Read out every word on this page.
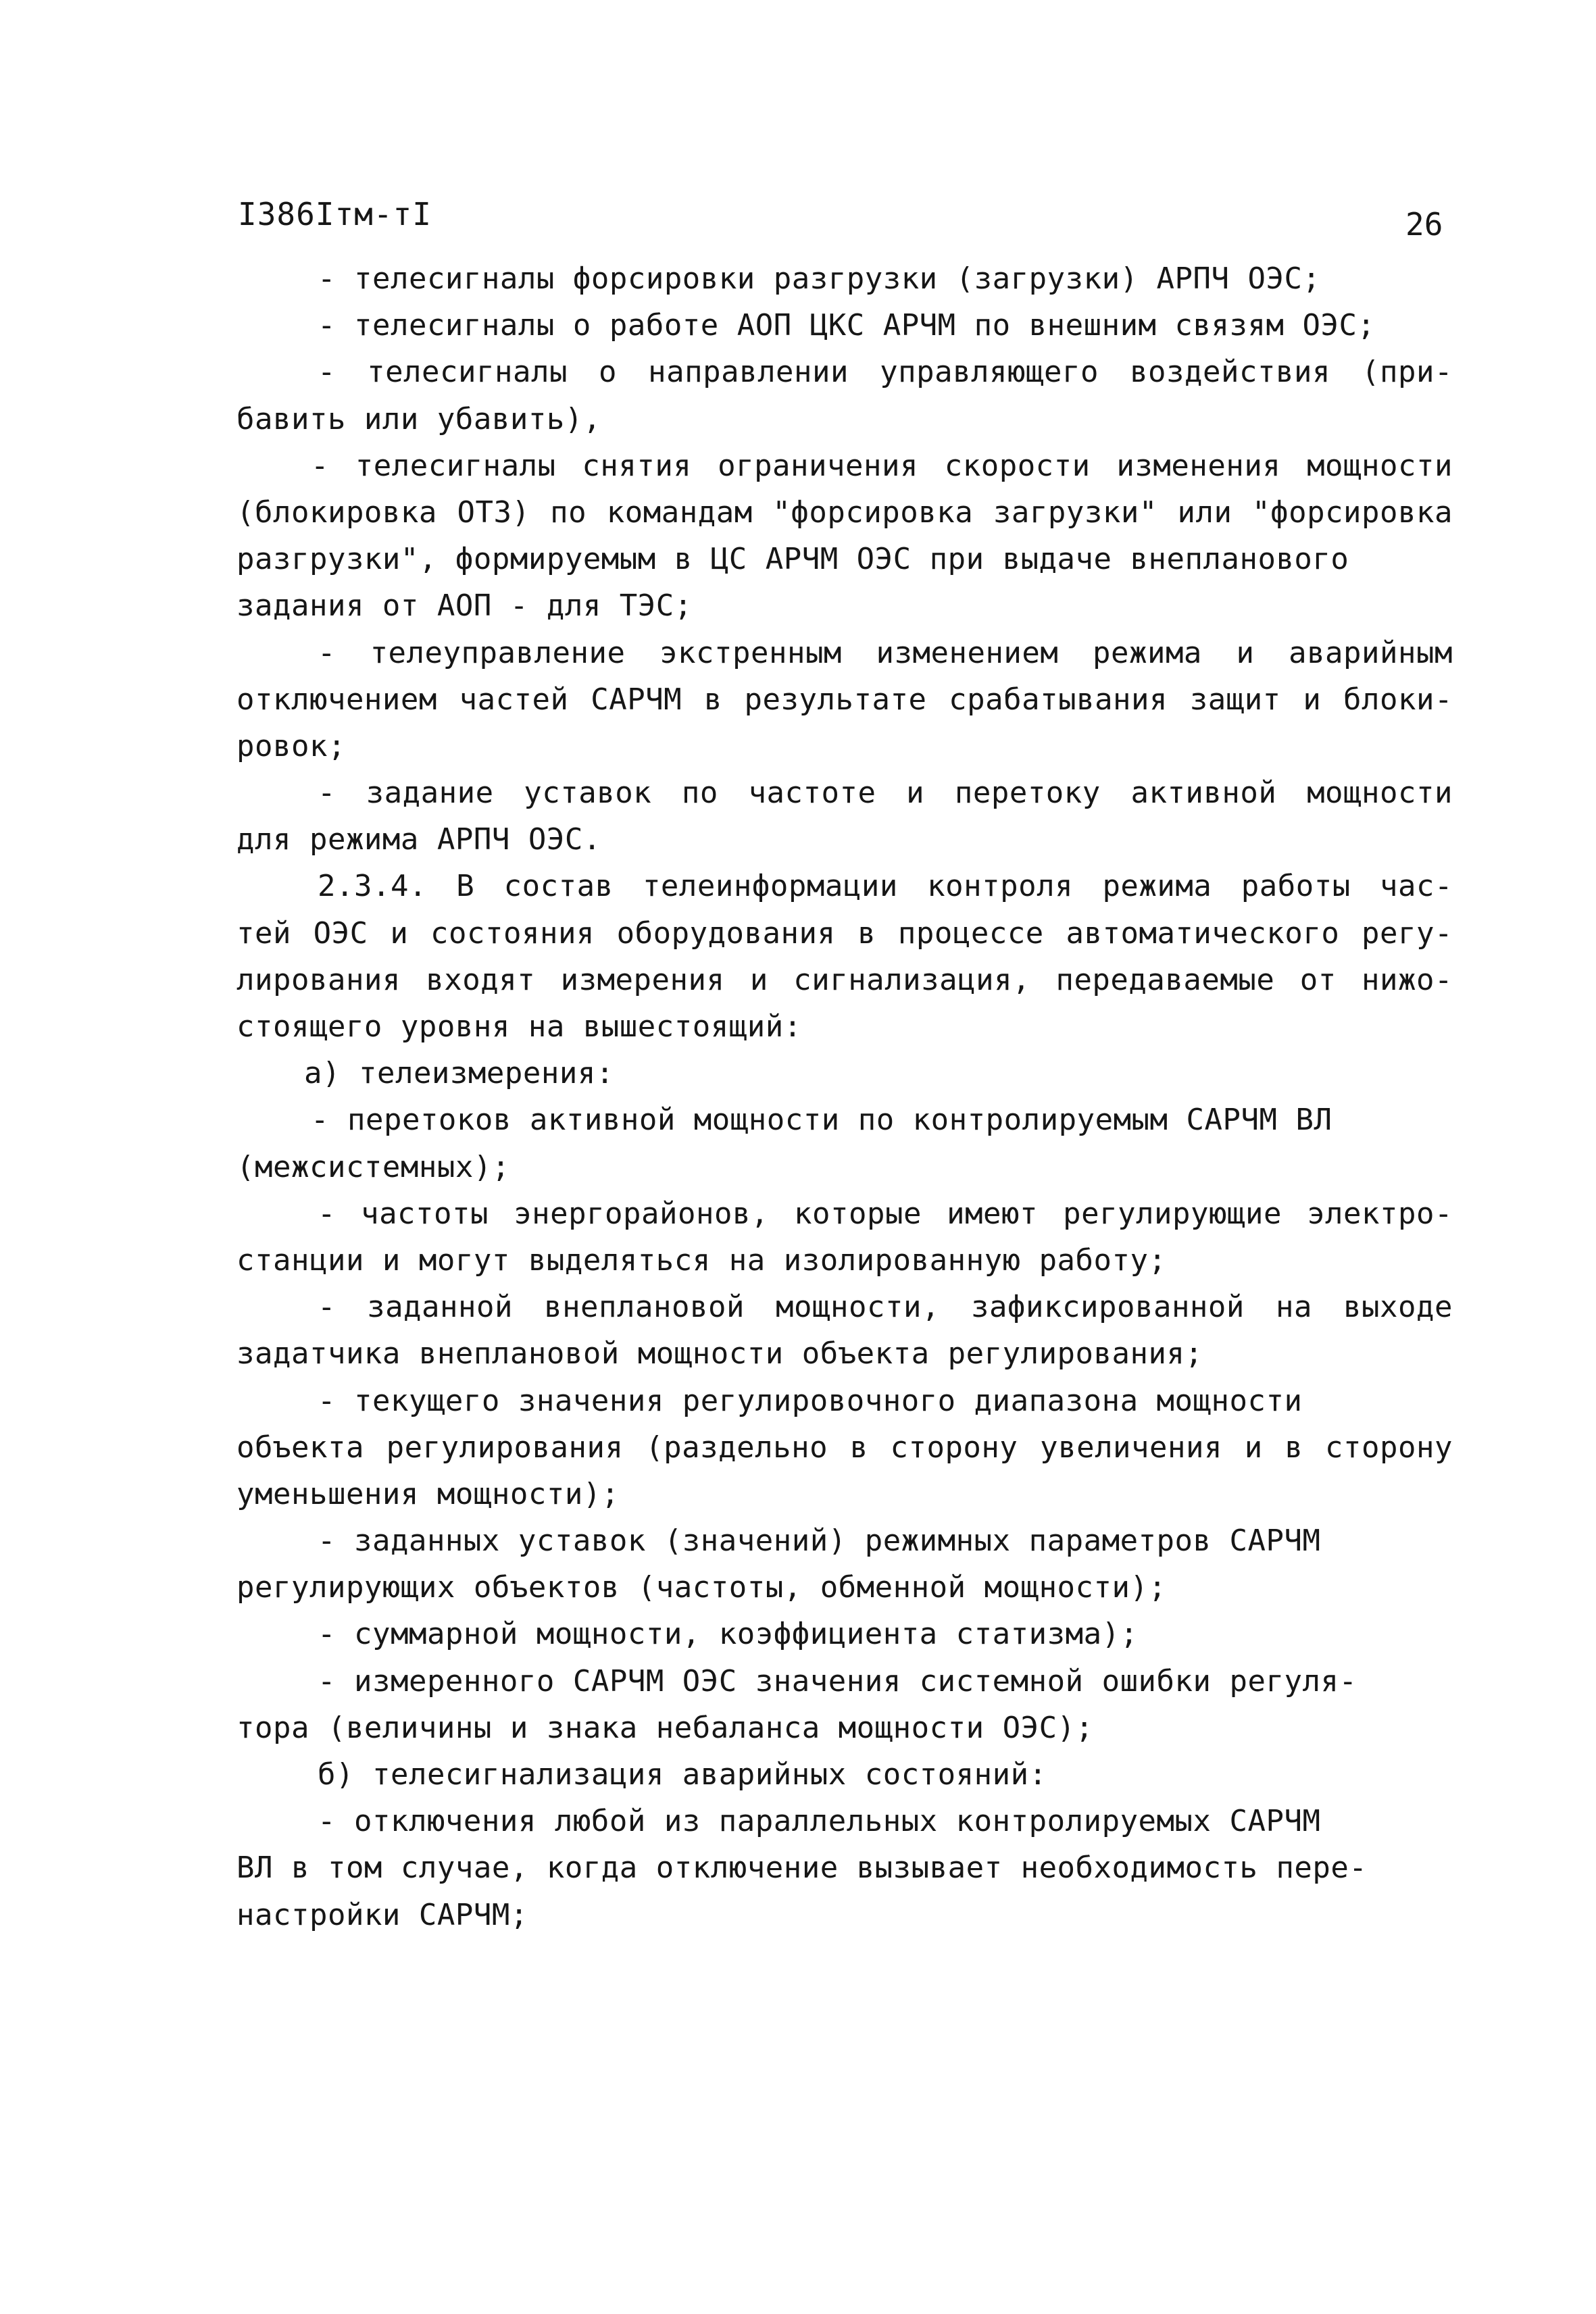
I386Iтм-тI	26
- телесигналы форсировки разгрузки (загрузки) АРПЧ ОЭС;
- телесигналы о работе АОП ЦКС АРЧМ по внешним связям ОЭС;
- телесигналы о направлении управляющего воздействия (при-
бавить или убавить),
- телесигналы снятия ограничения скорости изменения мощности
(блокировка ОТЗ) по командам "форсировка загрузки" или "форсировка
разгрузки", формируемым в ЦС АРЧМ ОЭС при выдаче внепланового
задания от АОП - для ТЭС;
- телеуправление экстренным изменением режима и аварийным
отключением частей САРЧМ в результате срабатывания защит и блоки-
ровок;
- задание уставок по частоте и перетоку активной мощности
для режима АРПЧ ОЭС.
2.3.4. В состав телеинформации контроля режима работы час-
тей ОЭС и состояния оборудования в процессе автоматического регу-
лирования входят измерения и сигнализация, передаваемые от нижо-
стоящего уровня на вышестоящий:
а) телеизмерения:
- перетоков активной мощности по контролируемым САРЧМ ВЛ
(межсистемных);
- частоты энергорайонов, которые имеют регулирующие электро-
станции и могут выделяться на изолированную работу;
- заданной внеплановой мощности, зафиксированной на выходе
задатчика внеплановой мощности объекта регулирования;
- текущего значения регулировочного диапазона мощности
объекта регулирования (раздельно в сторону увеличения и в сторону
уменьшения мощности);
- заданных уставок (значений) режимных параметров САРЧМ
регулирующих объектов (частоты, обменной мощности);
- суммарной мощности, коэффициента статизма);
- измеренного САРЧМ ОЭС значения системной ошибки регуля-
тора (величины и знака небаланса мощности ОЭС);
б) телесигнализация аварийных состояний:
- отключения любой из параллельных контролируемых САРЧМ
ВЛ в том случае, когда отключение вызывает необходимость пере-
настройки САРЧМ;
